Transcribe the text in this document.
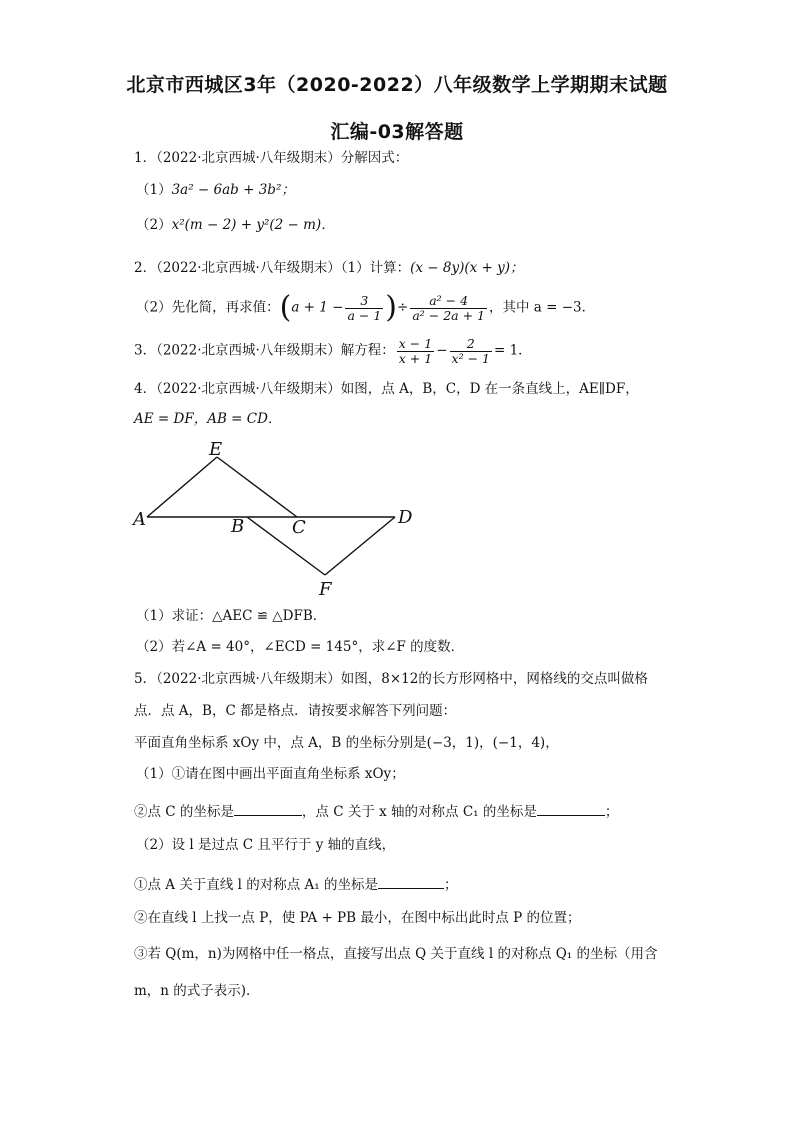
北京市西城区3年（2020-2022）八年级数学上学期期末试题
汇编-03解答题
1．（2022·北京西城·八年级期末）分解因式：
（1）3a² − 6ab + 3b²；
（2）x²(m − 2) + y²(2 − m)．
2．（2022·北京西城·八年级期末）（1）计算：(x − 8y)(x + y)；
（2）先化简，再求值：($a + 1 - \frac{3}{a - 1}$ )÷ $\frac{\text{a² − 4}}{\text{a² − 2a + 1}}$ ，其中 a = −3．
3．（2022·北京西城·八年级期末）解方程： $\frac{x - 1}{x + 1} - \frac{2}{\text{x² − 1}} = 1$．
4．（2022·北京西城·八年级期末）如图，点 A，B，C，D 在一条直线上，AE∥DF，
AE = DF，AB = CD．
E
A	B	C	D
F
（1）求证：△AEC ≌ △DFB．
（2）若∠A = 40°，∠ECD = 145°，求∠F 的度数．
5．（2022·北京西城·八年级期末）如图，8×12的长方形网格中，网格线的交点叫做格
点．点 A，B，C 都是格点．请按要求解答下列问题：
平面直角坐标系 xOy 中，点 A，B 的坐标分别是(−3，1)，(−1，4)，
（1）①请在图中画出平面直角坐标系 xOy；
②点 C 的坐标是	，点 C 关于 x 轴的对称点 C₁ 的坐标是	；
（2）设 l 是过点 C 且平行于 y 轴的直线，
①点 A 关于直线 l 的对称点 A₁ 的坐标是	；
②在直线 l 上找一点 P，使 PA + PB 最小，在图中标出此时点 P 的位置；
③若 Q(m，n)为网格中任一格点，直接写出点 Q 关于直线 l 的对称点 Q₁ 的坐标（用含
m，n 的式子表示)．
